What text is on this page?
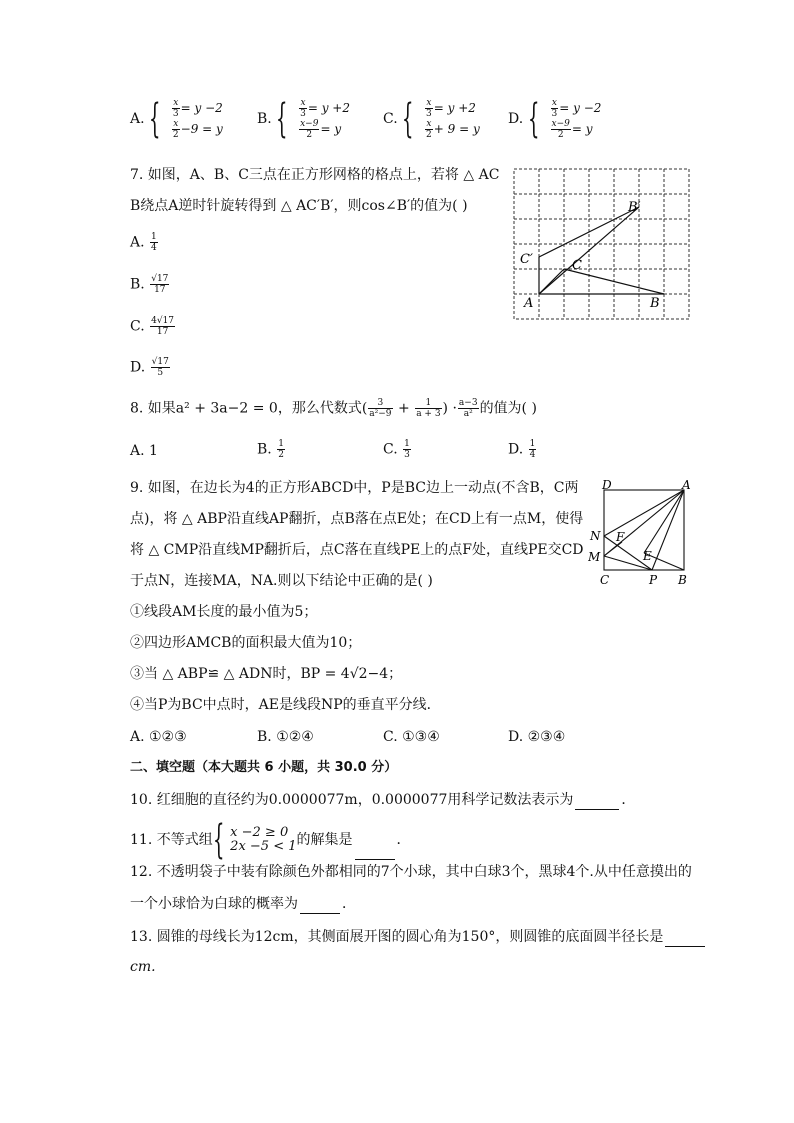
A. { $\frac{x}{3} = y -2$
$\frac{x}{2} -9 = y$
B. { $\frac{x}{3} = y +2$
$\frac{x-9}{2} = y$
C. { $\frac{x}{3} = y +2$
$\frac{x}{2} + 9 = y$
D. { $\frac{x}{3} = y -2$
$\frac{x-9}{2} = y$
7. 如图，A、B、C三点在正方形网格的格点上，若将 △ AC
B绕点A逆时针旋转得到 △ AC′B′，则cos∠B′的值为( )
A. $\frac{1}{4}$
B. $\frac{√17}{17}$
C. $\frac{4√17}{17}$
D. $\frac{√17}{5}$
A	B
C
C′
B′
8. 如果a² + 3a−2 = 0，那么代数式( $\frac{3}{\text{a²−9}} + \frac{1}{a + 3}$ ) · $\frac{a-3}{\text{a²}}$ 的值为( )
A. 1	B. $\frac{1}{2}$	C. $\frac{1}{3}$	D. $\frac{1}{4}$
9. 如图，在边长为4的正方形ABCD中，P是BC边上一动点(不含B，C两
点)，将 △ ABP沿直线AP翻折，点B落在点E处；在CD上有一点M，使得
将 △ CMP沿直线MP翻折后，点C落在直线PE上的点F处，直线PE交CD
于点N，连接MA，NA.则以下结论中正确的是( )
①线段AM长度的最小值为5；
②四边形AMCB的面积最大值为10；
③当 △ ABP≌ △ ADN时，BP = 4√2−4；
④当P为BC中点时，AE是线段NP的垂直平分线．
A. ①②③	B. ①②④	C. ①③④	D. ②③④
D	A
N F
M	E
C	P B
二、填空题（本大题共 6 小题，共 30.0 分）
10. 红细胞的直径约为0.0000077m，0.0000077用科学记数法表示为	．
11. 不等式组{ x −2 ≥ 0
2x −5 < 1 的解集是	．
12. 不透明袋子中装有除颜色外都相同的7个小球，其中白球3个，黑球4个.从中任意摸出的
一个小球恰为白球的概率为	．
13. 圆锥的母线长为12cm，其侧面展开图的圆心角为150°，则圆锥的底面圆半径长是
cm.
